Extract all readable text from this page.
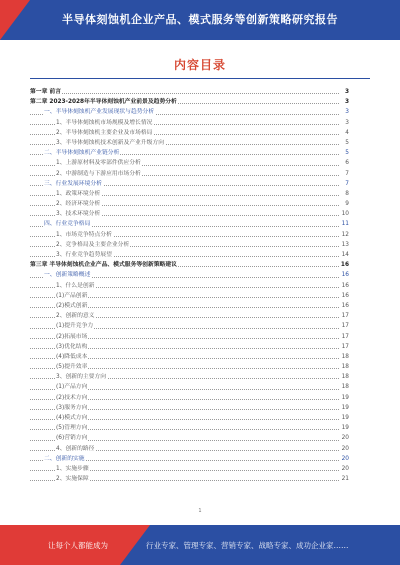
半导体刻蚀机企业产品、模式服务等创新策略研究报告
内容目录
第一章 前言	3
第二章 2023-2028年半导体刻蚀机产业前景及趋势分析	3
一、半导体刻蚀机产业发展现状与趋势分析	3
1、半导体刻蚀机市场规模及增长情况	3
2、半导体刻蚀机主要企业及市场格局	4
3、半导体刻蚀机技术创新及产业升级方向	5
二、半导体刻蚀机产业链分析	5
1、上游原材料及零部件供应分析	6
2、中游制造与下游应用市场分析	7
三、行业发展环境分析	7
1、政策环境分析	8
2、经济环境分析	9
3、技术环境分析	10
四、行业竞争格局	11
1、市场竞争特点分析	12
2、竞争格局及主要企业分析	13
3、行业竞争趋势展望	14
第三章 半导体刻蚀机企业产品、模式服务等创新策略建议	16
一、创新策略概述	16
1、什么是创新	16
(1)产品创新	16
(2)模式创新	16
2、创新的意义	17
(1)提升竞争力	17
(2)拓展市场	17
(3)优化结构	17
(4)降低成本	18
(5)提升效率	18
3、创新的主要方向	18
(1)产品方向	18
(2)技术方向	19
(3)服务方向	19
(4)模式方向	19
(5)管理方向	19
(6)营销方向	20
4、创新的路径	20
二、创新的实施	20
1、实施步骤	20
2、实施保障	21
1
让每个人都能成为	行业专家、管理专家、营销专家、战略专家、成功企业家……
